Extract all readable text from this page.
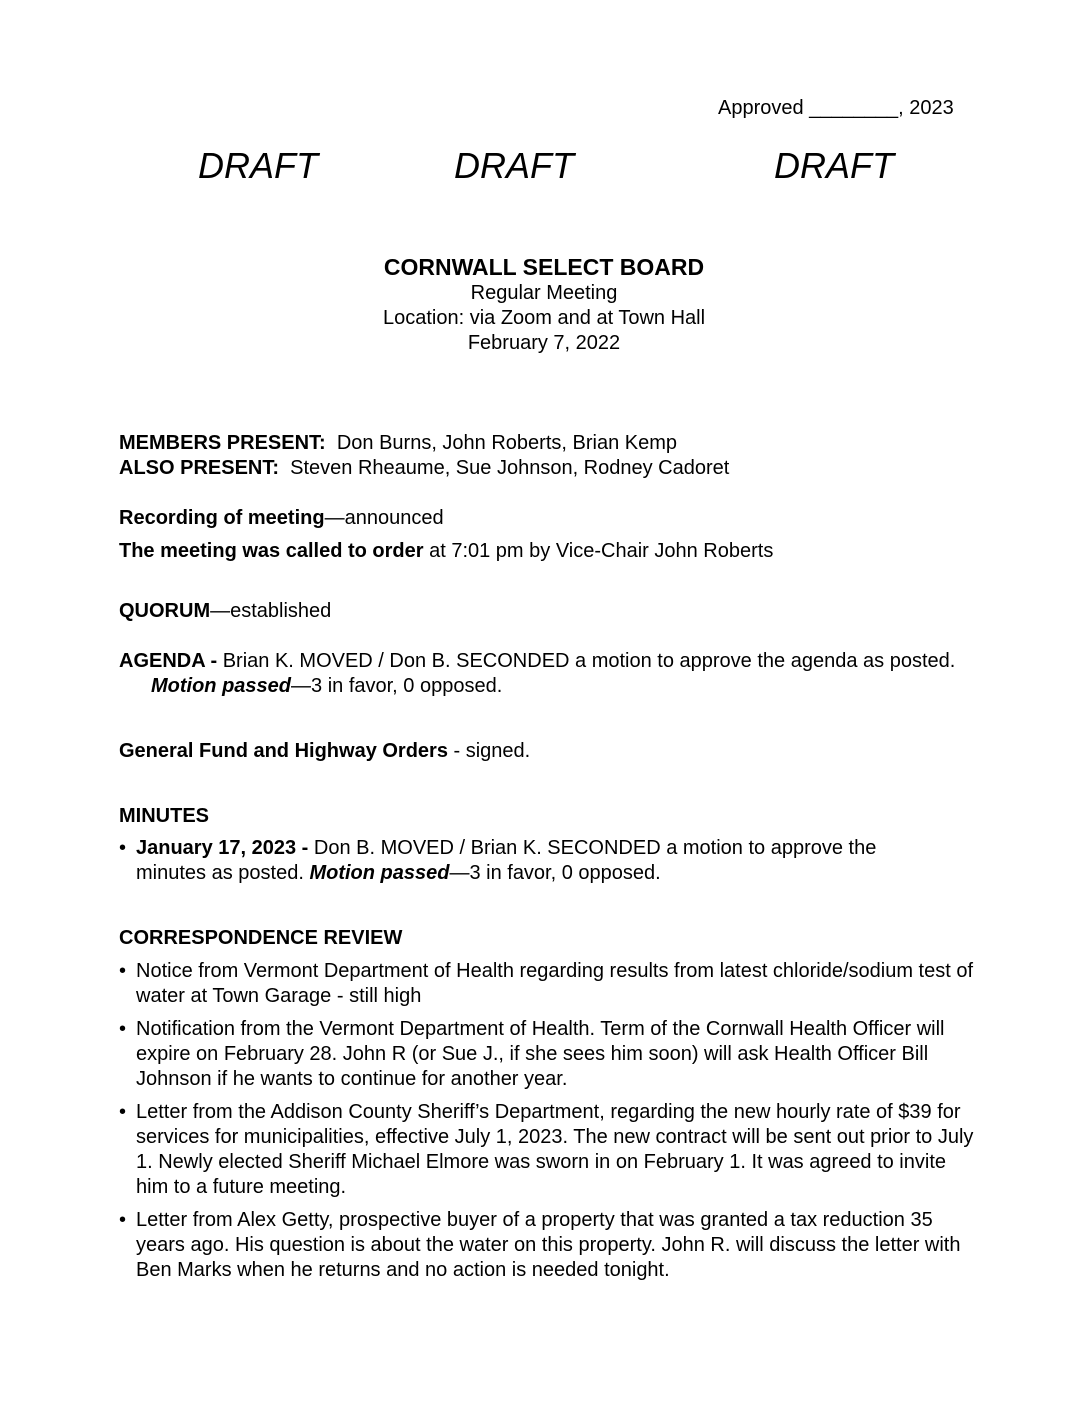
Approved ________, 2023
DRAFT	DRAFT	DRAFT
CORNWALL SELECT BOARD
Regular Meeting
Location: via Zoom and at Town Hall
February 7, 2022
MEMBERS PRESENT: Don Burns, John Roberts, Brian Kemp
ALSO PRESENT: Steven Rheaume, Sue Johnson, Rodney Cadoret
Recording of meeting—announced
The meeting was called to order at 7:01 pm by Vice-Chair John Roberts
QUORUM—established
AGENDA - Brian K. MOVED / Don B. SECONDED a motion to approve the agenda as posted. Motion passed—3 in favor, 0 opposed.
General Fund and Highway Orders - signed.
MINUTES
• January 17, 2023 - Don B. MOVED / Brian K. SECONDED a motion to approve the minutes as posted. Motion passed—3 in favor, 0 opposed.
CORRESPONDENCE REVIEW
• Notice from Vermont Department of Health regarding results from latest chloride/sodium test of water at Town Garage - still high
• Notification from the Vermont Department of Health. Term of the Cornwall Health Officer will expire on February 28. John R (or Sue J., if she sees him soon) will ask Health Officer Bill Johnson if he wants to continue for another year.
• Letter from the Addison County Sheriff’s Department, regarding the new hourly rate of $39 for services for municipalities, effective July 1, 2023. The new contract will be sent out prior to July 1. Newly elected Sheriff Michael Elmore was sworn in on February 1. It was agreed to invite him to a future meeting.
• Letter from Alex Getty, prospective buyer of a property that was granted a tax reduction 35 years ago. His question is about the water on this property. John R. will discuss the letter with Ben Marks when he returns and no action is needed tonight.
